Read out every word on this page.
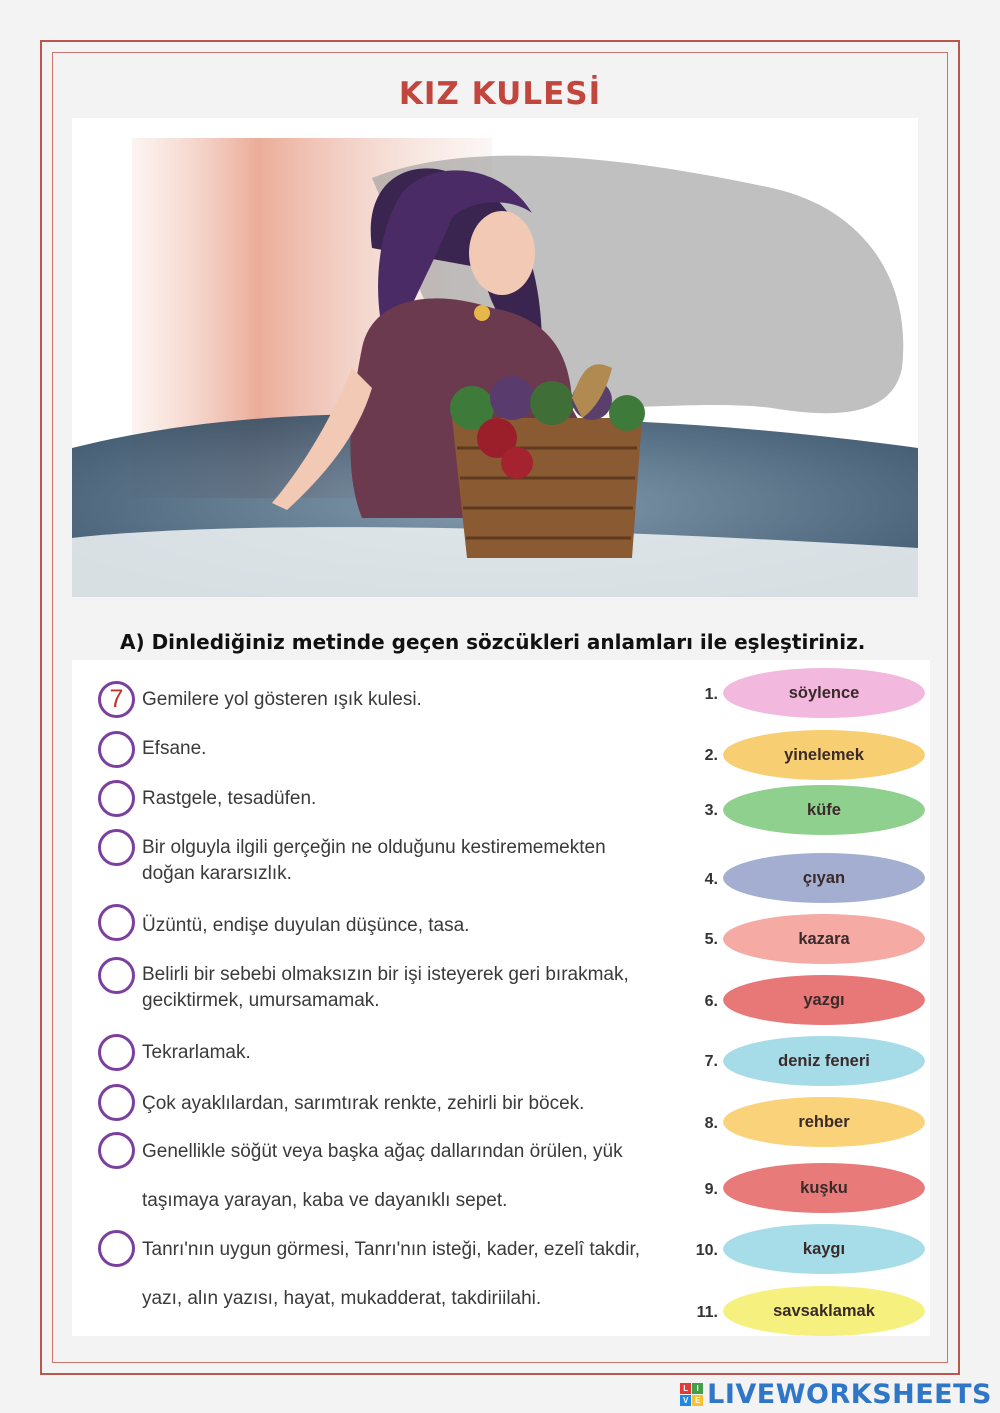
KIZ KULESİ
A) Dinlediğiniz metinde geçen sözcükleri anlamları ile eşleştiriniz.
7 Gemilere yol gösteren ışık kulesi.
Efsane.
Rastgele, tesadüfen.
Bir olguyla ilgili gerçeğin ne olduğunu kestirememekten
doğan kararsızlık.
Üzüntü, endişe duyulan düşünce, tasa.
Belirli bir sebebi olmaksızın bir işi isteyerek geri bırakmak,
geciktirmek, umursamamak.
Tekrarlamak.
Çok ayaklılardan, sarımtırak renkte, zehirli bir böcek.
Genellikle söğüt veya başka ağaç dallarından örülen, yük
taşımaya yarayan, kaba ve dayanıklı sepet.
Tanrı'nın uygun görmesi, Tanrı'nın isteği, kader, ezelî takdir,
yazı, alın yazısı, hayat, mukadderat, takdiriilahi.
1.	söylence
2.	yinelemek
3.	küfe
4.	çıyan
5.	kazara
6.	yazgı
7.	deniz feneri
8.	rehber
9.	kuşku
10.	kaygı
11.	savsaklamak
L	I
V E LIVEWORKSHEETS
